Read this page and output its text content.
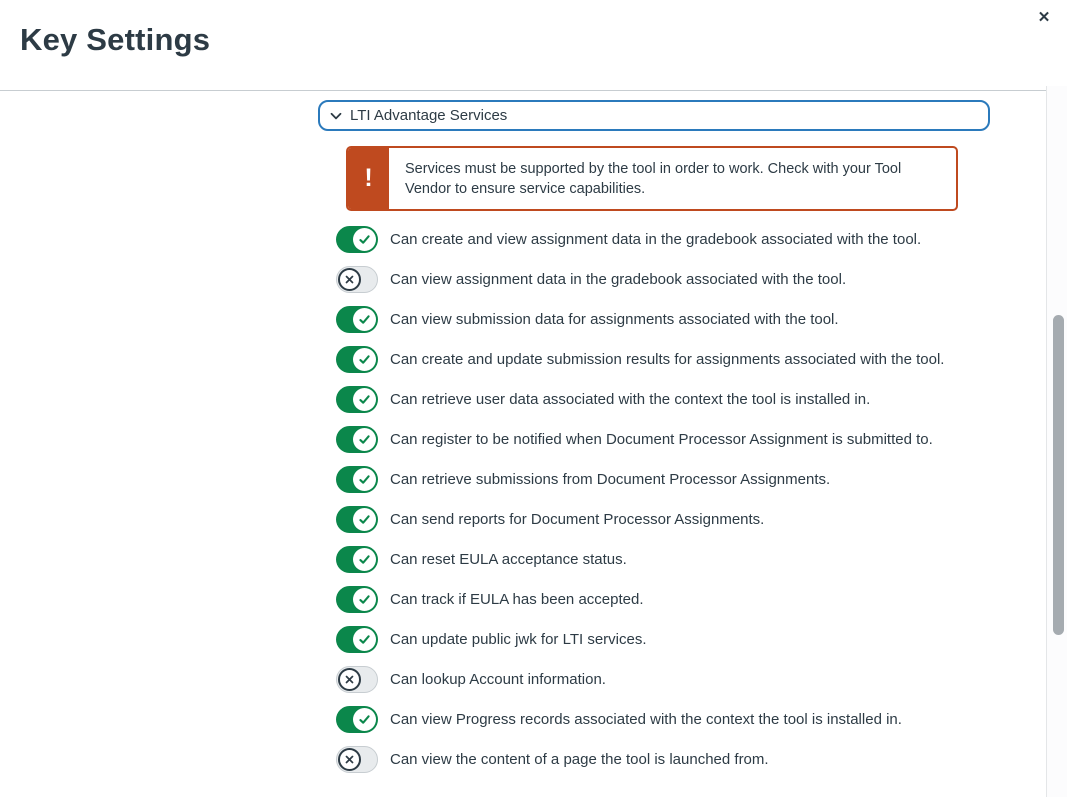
Key Settings
✕
LTI Advantage Services
!	Services must be supported by the tool in order to work. Check with your Tool Vendor to ensure service capabilities.
Can create and view assignment data in the gradebook associated with the tool.
Can view assignment data in the gradebook associated with the tool.
Can view submission data for assignments associated with the tool.
Can create and update submission results for assignments associated with the tool.
Can retrieve user data associated with the context the tool is installed in.
Can register to be notified when Document Processor Assignment is submitted to.
Can retrieve submissions from Document Processor Assignments.
Can send reports for Document Processor Assignments.
Can reset EULA acceptance status.
Can track if EULA has been accepted.
Can update public jwk for LTI services.
Can lookup Account information.
Can view Progress records associated with the context the tool is installed in.
Can view the content of a page the tool is launched from.
